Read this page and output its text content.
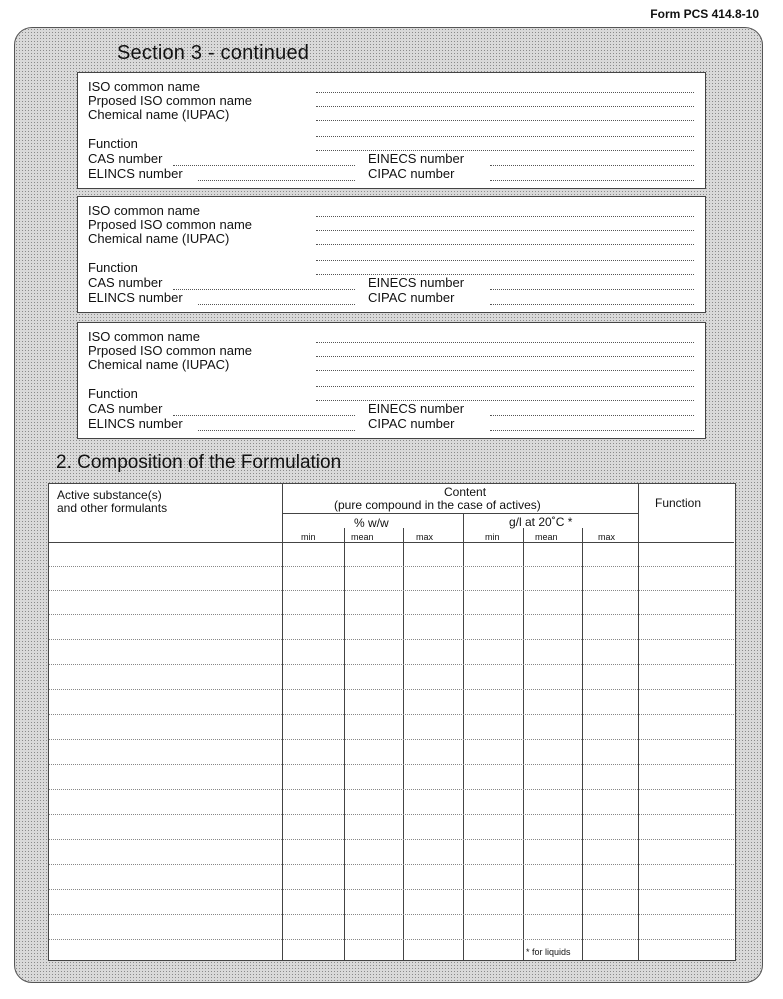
Form PCS 414.8-10
Section 3 - continued
ISO common name
Prposed ISO common name
Chemical name (IUPAC)
Function
CAS number	EINECS number
ELINCS number	CIPAC number
ISO common name
Prposed ISO common name
Chemical name (IUPAC)
Function
CAS number	EINECS number
ELINCS number	CIPAC number
ISO common name
Prposed ISO common name
Chemical name (IUPAC)
Function
CAS number	EINECS number
ELINCS number	CIPAC number
2. Composition of the Formulation
Active substance(s)
and other formulants
Content
(pure compound in the case of actives)	Function
% w/w	g/l at 20˚C *
min	mean	max	min	mean	max
* for liquids
